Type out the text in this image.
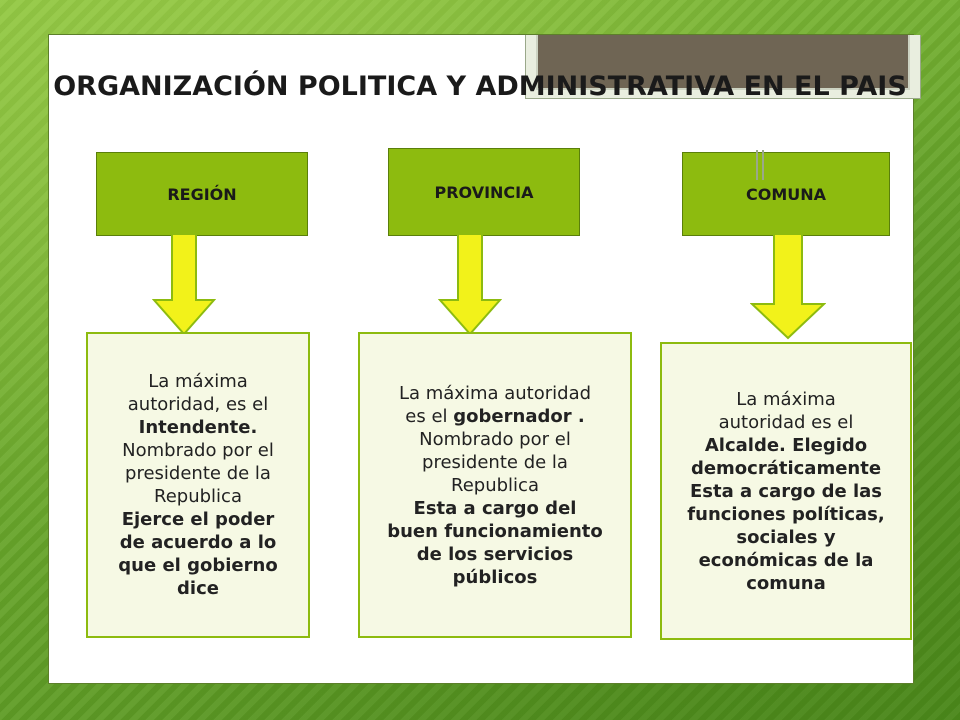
ORGANIZACIÓN POLITICA Y ADMINISTRATIVA EN EL PAIS
REGIÓN
La máxima
autoridad, es el
Intendente.
Nombrado por el
presidente de la
Republica
Ejerce el poder
de acuerdo a lo
que el gobierno
dice
PROVINCIA
La máxima autoridad
es el gobernador .
Nombrado por el
presidente de la
Republica
Esta a cargo del
buen funcionamiento
de los servicios
públicos
COMUNA
La máxima
autoridad es el
Alcalde. Elegido
democráticamente
Esta a cargo de las
funciones políticas,
sociales y
económicas de la
comuna
